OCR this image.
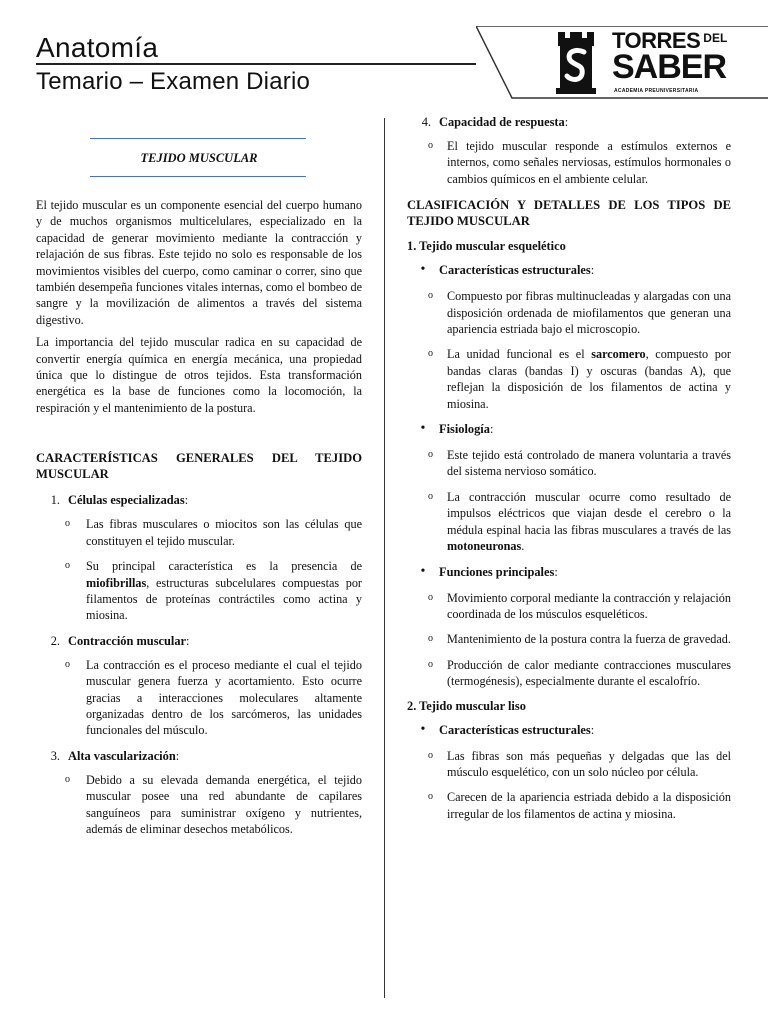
Anatomía
Temario – Examen Diario
TORRES $^{DEL}$
SABER
ACADEMIA PREUNIVERSITARIA
TEJIDO MUSCULAR

El tejido muscular es un componente esencial del cuerpo humano y de muchos organismos multicelulares, especializado en la capacidad de generar movimiento mediante la contracción y relajación de sus fibras. Este tejido no solo es responsable de los movimientos visibles del cuerpo, como caminar o correr, sino que también desempeña funciones vitales internas, como el bombeo de sangre y la movilización de alimentos a través del sistema digestivo.

La importancia del tejido muscular radica en su capacidad de convertir energía química en energía mecánica, una propiedad única que lo distingue de otros tejidos. Esta transformación energética es la base de funciones como la locomoción, la respiración y el mantenimiento de la postura.

CARACTERÍSTICAS GENERALES DEL TEJIDO MUSCULAR
1. Células especializadas:
o	Las fibras musculares o miocitos son las células que constituyen el tejido muscular.
o	Su principal característica es la presencia de miofibrillas, estructuras subcelulares compuestas por filamentos de proteínas contráctiles como actina y miosina.
2. Contracción muscular:
o	La contracción es el proceso mediante el cual el tejido muscular genera fuerza y acortamiento. Esto ocurre gracias a interacciones moleculares altamente organizadas dentro de los sarcómeros, las unidades funcionales del músculo.
3. Alta vascularización:
o	Debido a su elevada demanda energética, el tejido muscular posee una red abundante de capilares sanguíneos para suministrar oxígeno y nutrientes, además de eliminar desechos metabólicos.
4. Capacidad de respuesta:
o	El tejido muscular responde a estímulos externos e internos, como señales nerviosas, estímulos hormonales o cambios químicos en el ambiente celular.
CLASIFICACIÓN Y DETALLES DE LOS TIPOS DE TEJIDO MUSCULAR
1. Tejido muscular esquelético
•	Características estructurales:
o	Compuesto por fibras multinucleadas y alargadas con una disposición ordenada de miofilamentos que generan una apariencia estriada bajo el microscopio.
o	La unidad funcional es el sarcomero, compuesto por bandas claras (bandas I) y oscuras (bandas A), que reflejan la disposición de los filamentos de actina y miosina.
•	Fisiología:
o	Este tejido está controlado de manera voluntaria a través del sistema nervioso somático.
o	La contracción muscular ocurre como resultado de impulsos eléctricos que viajan desde el cerebro o la médula espinal hacia las fibras musculares a través de las motoneuronas.
•	Funciones principales:
o	Movimiento corporal mediante la contracción y relajación coordinada de los músculos esqueléticos.
o	Mantenimiento de la postura contra la fuerza de gravedad.
o	Producción de calor mediante contracciones musculares (termogénesis), especialmente durante el escalofrío.
2. Tejido muscular liso
•	Características estructurales:
o	Las fibras son más pequeñas y delgadas que las del músculo esquelético, con un solo núcleo por célula.
o	Carecen de la apariencia estriada debido a la disposición irregular de los filamentos de actina y miosina.
